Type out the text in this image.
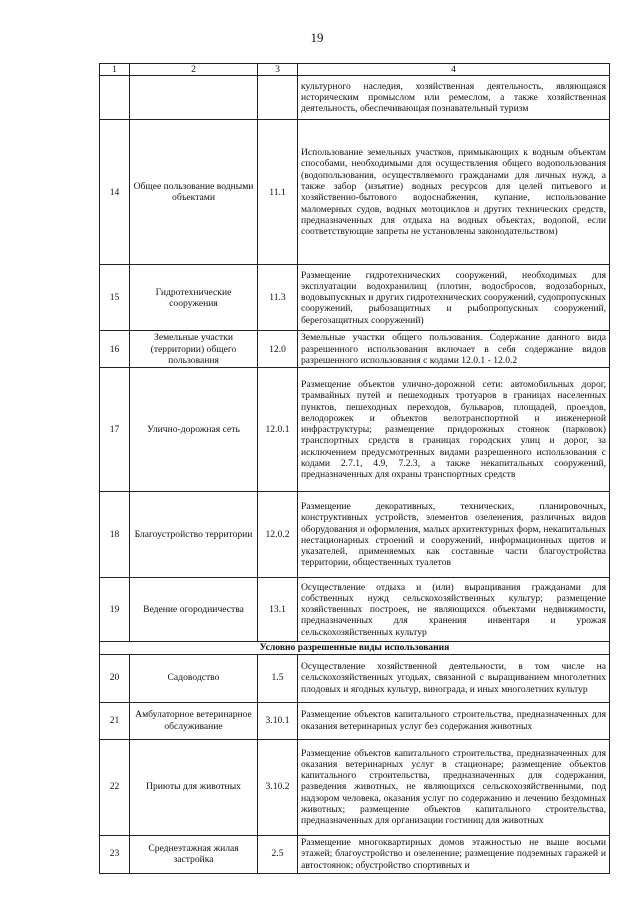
19
1	2	3	4
			культурного наследия, хозяйственная деятельность, являющаяся историческим промыслом или ремеслом, а также хозяйственная деятельность, обеспечивающая познавательный туризм
14	Общее пользование водными объектами	11.1	Использование земельных участков, примыкающих к водным объектам способами, необходимыми для осуществления общего водопользования (водопользования, осуществляемого гражданами для личных нужд, а также забор (изъятие) водных ресурсов для целей питьевого и хозяйственно-бытового водоснабжения, купание, использование маломерных судов, водных мотоциклов и других технических средств, предназначенных для отдыха на водных объектах, водопой, если соответствующие запреты не установлены законодательством)
15	Гидротехнические сооружения	11.3	Размещение гидротехнических сооружений, необходимых для эксплуатации водохранилищ (плотин, водосбросов, водозаборных, водовыпускных и других гидротехнических сооружений, судопропускных сооружений, рыбозащитных и рыбопропускных сооружений, берегозащитных сооружений)
16	Земельные участки (территории) общего пользования	12.0	Земельные участки общего пользования. Содержание данного вида разрешенного использования включает в себя содержание видов разрешенного использования с кодами 12.0.1 - 12.0.2
17	Улично-дорожная сеть	12.0.1	Размещение объектов улично-дорожной сети: автомобильных дорог, трамвайных путей и пешеходных тротуаров в границах населенных пунктов, пешеходных переходов, бульваров, площадей, проездов, велодорожек и объектов велотранспортной и инженерной инфраструктуры; размещение придорожных стоянок (парковок) транспортных средств в границах городских улиц и дорог, за исключением предусмотренных видами разрешенного использования с кодами 2.7.1, 4.9, 7.2.3, а также некапитальных сооружений, предназначенных для охраны транспортных средств
18	Благоустройство территории	12.0.2	Размещение декоративных, технических, планировочных, конструктивных устройств, элементов озеленения, различных видов оборудования и оформления, малых архитектурных форм, некапитальных нестационарных строений и сооружений, информационных щитов и указателей, применяемых как составные части благоустройства территории, общественных туалетов
19	Ведение огородничества	13.1	Осуществление отдыха и (или) выращивания гражданами для собственных нужд сельскохозяйственных культур; размещение хозяйственных построек, не являющихся объектами недвижимости, предназначенных для хранения инвентаря и урожая сельскохозяйственных культур
Условно разрешенные виды использования			
20	Садоводство	1.5	Осуществление хозяйственной деятельности, в том числе на сельскохозяйственных угодьях, связанной с выращиванием многолетних плодовых и ягодных культур, винограда, и иных многолетних культур
21	Амбулаторное ветеринарное обслуживание	3.10.1	Размещение объектов капитального строительства, предназначенных для оказания ветеринарных услуг без содержания животных
22	Приюты для животных	3.10.2	Размещение объектов капитального строительства, предназначенных для оказания ветеринарных услуг в стационаре; размещение объектов капитального строительства, предназначенных для содержания, разведения животных, не являющихся сельскохозяйственными, под надзором человека, оказания услуг по содержанию и лечению бездомных животных; размещение объектов капитального строительства, предназначенных для организации гостиниц для животных
23	Среднеэтажная жилая застройка	2.5	Размещение многоквартирных домов этажностью не выше восьми этажей; благоустройство и озеленение; размещение подземных гаражей и автостоянок; обустройство спортивных и
